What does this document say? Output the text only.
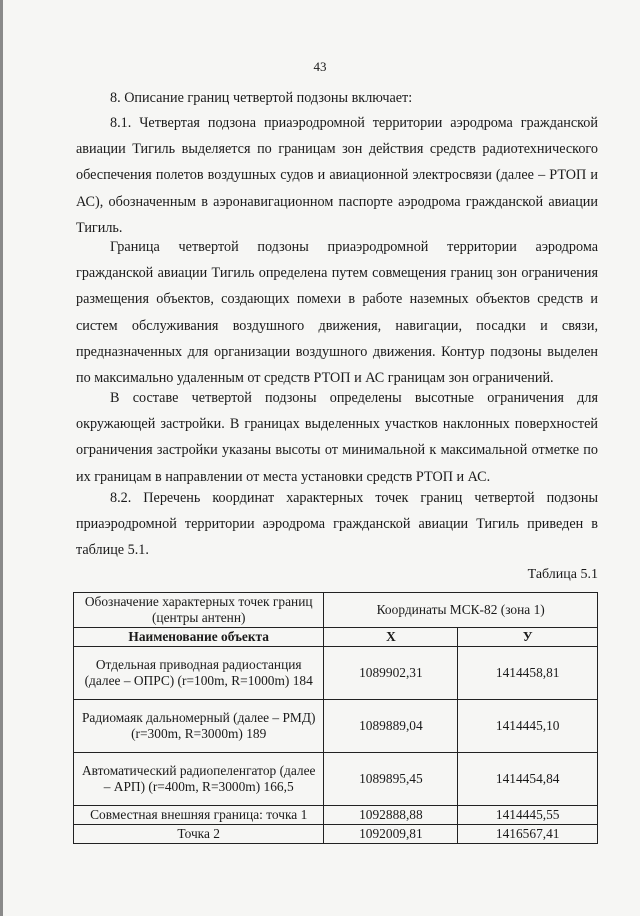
43

8. Описание границ четвертой подзоны включает:

8.1. Четвертая подзона приаэродромной территории аэродрома гражданской авиации Тигиль выделяется по границам зон действия средств радиотехнического обеспечения полетов воздушных судов и авиационной электросвязи (далее – РТОП и АС), обозначенным в аэронавигационном паспорте аэродрома гражданской авиации Тигиль.

Граница четвертой подзоны приаэродромной территории аэродрома гражданской авиации Тигиль определена путем совмещения границ зон ограничения размещения объектов, создающих помехи в работе наземных объектов средств и систем обслуживания воздушного движения, навигации, посадки и связи, предназначенных для организации воздушного движения. Контур подзоны выделен по максимально удаленным от средств РТОП и АС границам зон ограничений.

В составе четвертой подзоны определены высотные ограничения для окружающей застройки. В границах выделенных участков наклонных поверхностей ограничения застройки указаны высоты от минимальной к максимальной отметке по их границам в направлении от места установки средств РТОП и АС.

8.2. Перечень координат характерных точек границ четвертой подзоны приаэродромной территории аэродрома гражданской авиации Тигиль приведен в таблице 5.1.

Таблица 5.1
Обозначение характерных точек границ (центры антенн)	Координаты МСК-82 (зона 1)	
Наименование объекта	X	У
Отдельная приводная радиостанция (далее – ОПРС) (r=100m, R=1000m) 184	1089902,31	1414458,81
Радиомаяк дальномерный (далее – РМД) (r=300m, R=3000m) 189	1089889,04	1414445,10
Автоматический радиопеленгатор (далее – АРП) (r=400m, R=3000m) 166,5	1089895,45	1414454,84
Совместная внешняя граница: точка 1	1092888,88	1414445,55
Точка 2	1092009,81	1416567,41
